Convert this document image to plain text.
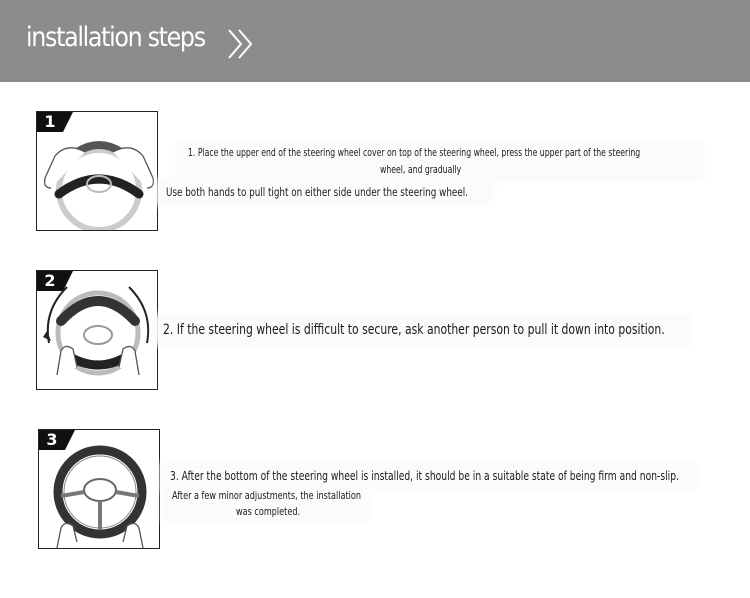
installation steps
1
1. Place the upper end of the steering wheel cover on top of the steering wheel, press the upper part of the steering
wheel, and gradually
Use both hands to pull tight on either side under the steering wheel.
2
2. If the steering wheel is difficult to secure, ask another person to pull it down into position.
3
3. After the bottom of the steering wheel is installed, it should be in a suitable state of being firm and non-slip.
After a few minor adjustments, the installation
was completed.
